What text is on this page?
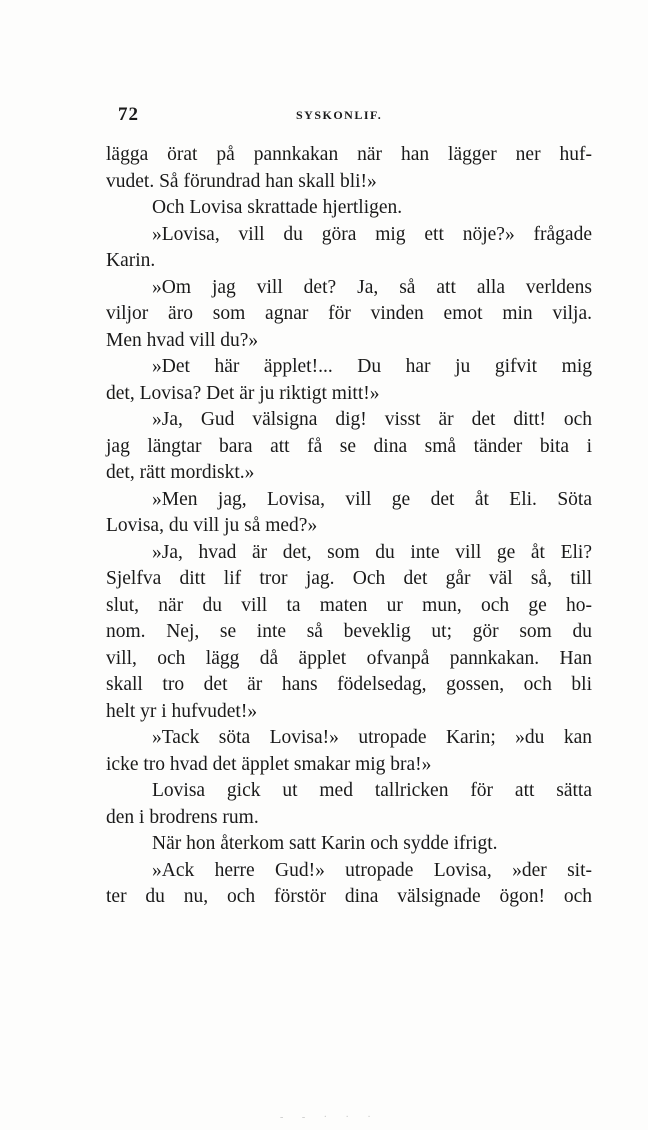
72	SYSKONLIF.
lägga örat på pannkakan när han lägger ner huf-
vudet. Så förundrad han skall bli!»
Och Lovisa skrattade hjertligen.
»Lovisa, vill du göra mig ett nöje?» frågade
Karin.
»Om jag vill det? Ja, så att alla verldens
viljor äro som agnar för vinden emot min vilja.
Men hvad vill du?»
»Det här äpplet!... Du har ju gifvit mig
det, Lovisa? Det är ju riktigt mitt!»
»Ja, Gud välsigna dig! visst är det ditt! och
jag längtar bara att få se dina små tänder bita i
det, rätt mordiskt.»
»Men jag, Lovisa, vill ge det åt Eli. Söta
Lovisa, du vill ju så med?»
»Ja, hvad är det, som du inte vill ge åt Eli?
Sjelfva ditt lif tror jag. Och det går väl så, till
slut, när du vill ta maten ur mun, och ge ho-
nom. Nej, se inte så beveklig ut; gör som du
vill, och lägg då äpplet ofvanpå pannkakan. Han
skall tro det är hans födelsedag, gossen, och bli
helt yr i hufvudet!»
»Tack söta Lovisa!» utropade Karin; »du kan
icke tro hvad det äpplet smakar mig bra!»
Lovisa gick ut med tallricken för att sätta
den i brodrens rum.
När hon återkom satt Karin och sydde ifrigt.
»Ack herre Gud!» utropade Lovisa, »der sit-
ter du nu, och förstör dina välsignade ögon! och
- - · · ·
